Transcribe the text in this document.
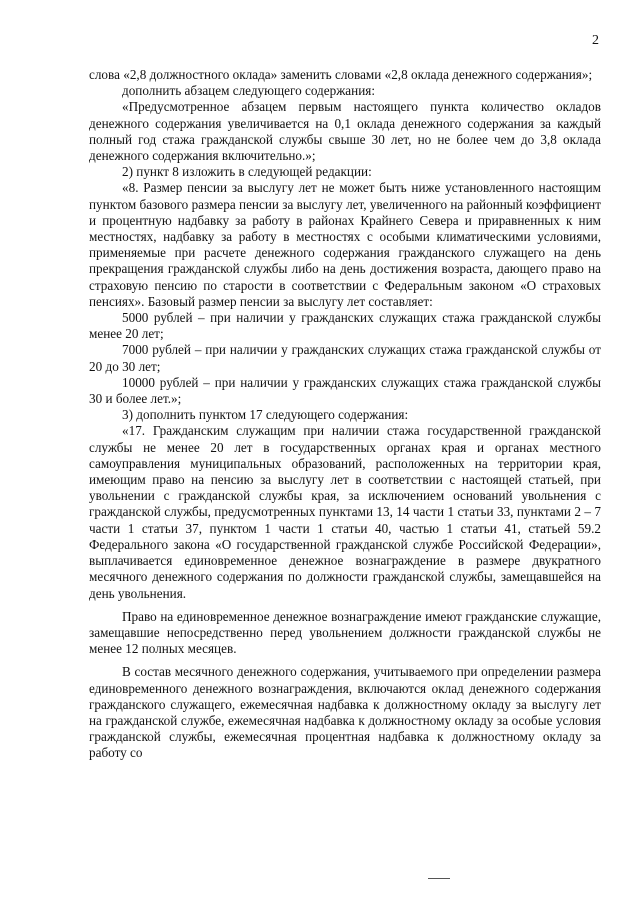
2

слова «2,8 должностного оклада» заменить словами «2,8 оклада денежного содержания»;

дополнить абзацем следующего содержания:

«Предусмотренное абзацем первым настоящего пункта количество окладов денежного содержания увеличивается на 0,1 оклада денежного содержания за каждый полный год стажа гражданской службы свыше 30 лет, но не более чем до 3,8 оклада денежного содержания включительно.»;

2) пункт 8 изложить в следующей редакции:

«8. Размер пенсии за выслугу лет не может быть ниже установленного настоящим пунктом базового размера пенсии за выслугу лет, увеличенного на районный коэффициент и процентную надбавку за работу в районах Крайнего Севера и приравненных к ним местностях, надбавку за работу в местностях с особыми климатическими условиями, применяемые при расчете денежного содержания гражданского служащего на день прекращения гражданской службы либо на день достижения возраста, дающего право на страховую пенсию по старости в соответствии с Федеральным законом «О страховых пенсиях». Базовый размер пенсии за выслугу лет составляет:

5000 рублей – при наличии у гражданских служащих стажа гражданской службы менее 20 лет;

7000 рублей – при наличии у гражданских служащих стажа гражданской службы от 20 до 30 лет;

10000 рублей – при наличии у гражданских служащих стажа гражданской службы 30 и более лет.»;

3) дополнить пунктом 17 следующего содержания:

«17. Гражданским служащим при наличии стажа государственной гражданской службы не менее 20 лет в государственных органах края и органах местного самоуправления муниципальных образований, расположенных на территории края, имеющим право на пенсию за выслугу лет в соответствии с настоящей статьей, при увольнении с гражданской службы края, за исключением оснований увольнения с гражданской службы, предусмотренных пунктами 13, 14 части 1 статьи 33, пунктами 2 – 7 части 1 статьи 37, пунктом 1 части 1 статьи 40, частью 1 статьи 41, статьей 59.2 Федерального закона «О государственной гражданской службе Российской Федерации», выплачивается единовременное денежное вознаграждение в размере двукратного месячного денежного содержания по должности гражданской службы, замещавшейся на день увольнения.

Право на единовременное денежное вознаграждение имеют гражданские служащие, замещавшие непосредственно перед увольнением должности гражданской службы не менее 12 полных месяцев.

В состав месячного денежного содержания, учитываемого при определении размера единовременного денежного вознаграждения, включаются оклад денежного содержания гражданского служащего, ежемесячная надбавка к должностному окладу за выслугу лет на гражданской службе, ежемесячная надбавка к должностному окладу за особые условия гражданской службы, ежемесячная процентная надбавка к должностному окладу за работу со
